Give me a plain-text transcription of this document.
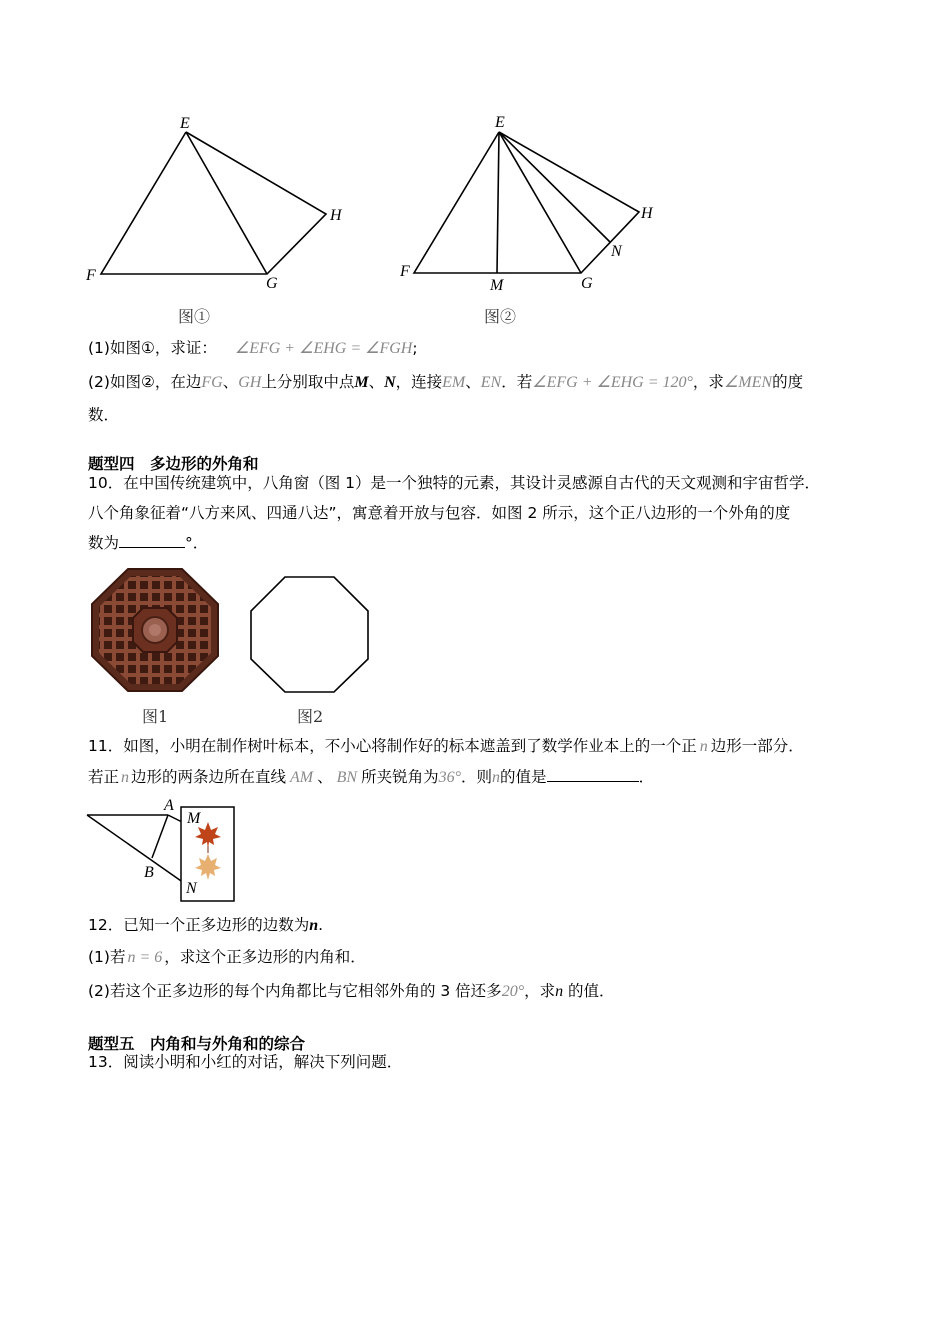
E
F	G
H
图①
E
F
M	G
N
H
图②
(1)如图①，求证： ∠EFG + ∠EHG = ∠FGH;
(2)如图②，在边FG、GH上分别取中点M、N，连接EM、EN．若∠EFG + ∠EHG = 120°，求∠MEN的度
数．
题型四　多边形的外角和
10．在中国传统建筑中，八角窗（图 1）是一个独特的元素，其设计灵感源自古代的天文观测和宇宙哲学．
八个角象征着“八方来风、四通八达”，寓意着开放与包容．如图 2 所示，这个正八边形的一个外角的度
数为	°．
图1	图2
11．如图，小明在制作树叶标本，不小心将制作好的标本遮盖到了数学作业本上的一个正 n 边形一部分．
若正 n 边形的两条边所在直线 AM 、 BN 所夹锐角为36°．则n的值是	．
A
M
B
N
12．已知一个正多边形的边数为n.
(1)若 n = 6 ，求这个正多边形的内角和．
(2)若这个正多边形的每个内角都比与它相邻外角的 3 倍还多20°，求n 的值．
题型五　内角和与外角和的综合
13．阅读小明和小红的对话，解决下列问题．
